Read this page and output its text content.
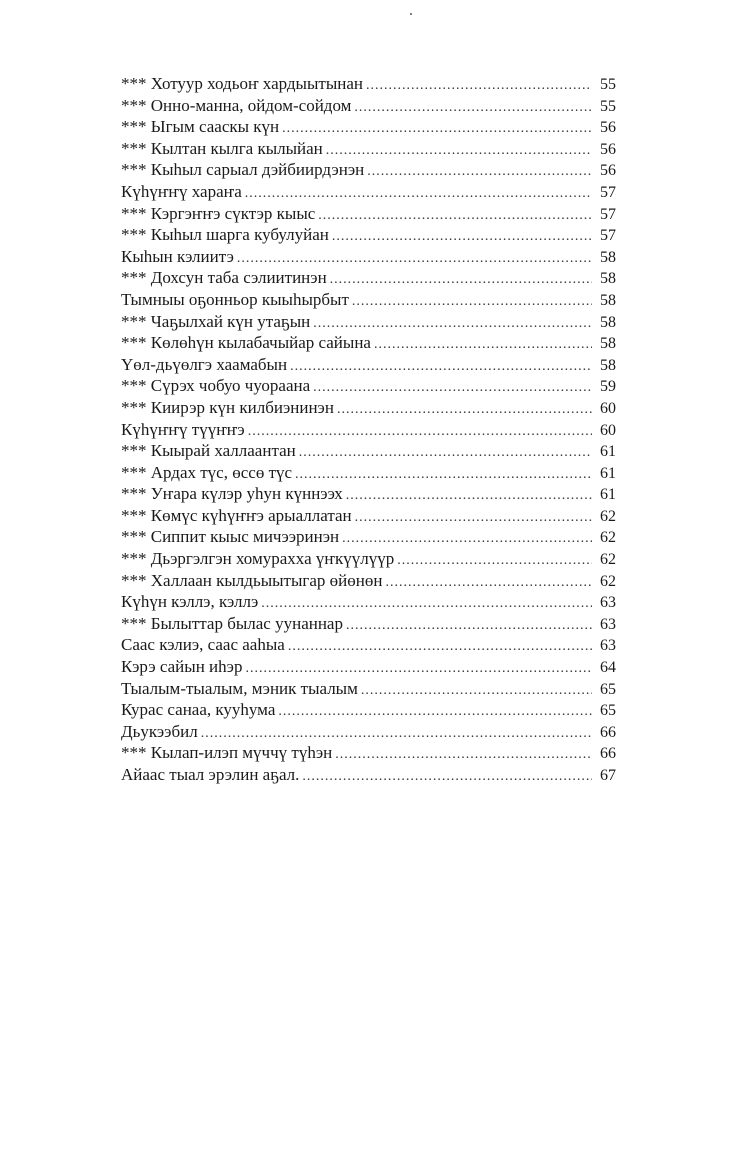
*** Хотуур ходьоҥ хардыытынан .....	55
*** Онно-манна, ойдом-сойдом .....	55
*** Ыгым сааскы күн .....	56
*** Кылтан кылга кылыйан .....	56
*** Кыһыл сарыал дэйбиирдэнэн .....	56
Күһүҥҥү хараҥа .....	57
*** Кэргэҥҥэ сүктэр кыыс .....	57
*** Кыһыл шарга кубулуйан .....	57
Кыһын кэлиитэ .....	58
*** Дохсун таба сэлиитинэн .....	58
Тымныы оҕонньор кыыһырбыт .....	58
*** Чаҕылхай күн утаҕын .....	58
*** Көлөһүн кылабачыйар сайына .....	58
Үөл-дьүөлгэ хаамабын .....	58
*** Сүрэх чобуо чуораана .....	59
*** Киирэр күн килбиэнинэн .....	60
Күһүҥҥү түүҥҥэ .....	60
*** Кыырай халлаантан .....	61
*** Ардах түс, өссө түс .....	61
*** Уҥара күлэр уһун күннээх .....	61
*** Көмүс күһүҥҥэ арыаллатан .....	62
*** Сиппит кыыс мичээринэн .....	62
*** Дьэргэлгэн хомурахха үҥкүүлүүр .....	62
*** Халлаан кылдьыытыгар өйөнөн .....	62
Күһүн кэллэ, кэллэ .....	63
*** Былыттар былас уунаннар .....	63
Саас кэлиэ, саас ааһыа .....	63
Кэрэ сайын иһэр .....	64
Тыалым-тыалым, мэник тыалым .....	65
Курас санаа, кууһума .....	65
Дьукээбил .....	66
*** Кылап-илэп мүччү түһэн .....	66
Айаас тыал эрэлин аҕал. .....	67
